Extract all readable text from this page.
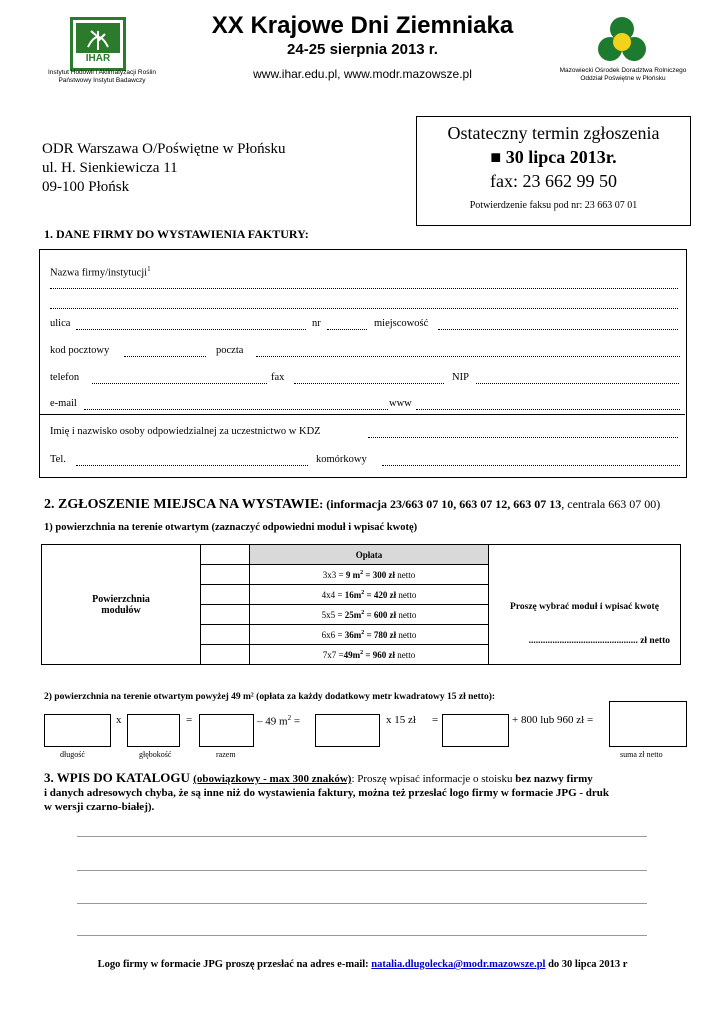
IHAR
Instytut Hodowli i Aklimatyzacji Roślin
Państwowy Instytut Badawczy
XX Krajowe Dni Ziemniaka
24-25 sierpnia 2013 r.
www.ihar.edu.pl, www.modr.mazowsze.pl	Mazowiecki Ośrodek Doradztwa Rolniczego
Oddział Poświętne w Płońsku
ODR Warszawa O/Poświętne w Płońsku
ul. H. Sienkiewicza 11
09-100 Płońsk
Ostateczny termin zgłoszenia
■ 30 lipca 2013r.
fax: 23 662 99 50
Potwierdzenie faksu pod nr: 23 663 07 01
1. DANE FIRMY DO WYSTAWIENIA FAKTURY:
Nazwa firmy/instytucji$^1$
ulica	nr	miejscowość
kod pocztowy	poczta
telefon	fax	NIP
e-mail	www
Imię i nazwisko osoby odpowiedzialnej za uczestnictwo w KDZ
Tel.	komórkowy
2. ZGŁOSZENIE MIEJSCA NA WYSTAWIE: (informacja 23/663 07 10, 663 07 12, 663 07 13, centrala 663 07 00)
1) powierzchnia na terenie otwartym (zaznaczyć odpowiedni moduł i wpisać kwotę)
Powierzchnia modułów		Opłata	Proszę wybrać moduł i wpisać kwotę
.............................................. zł netto

		3x3 = 9 $m^2 = 300$ zł netto	
		$4x4 = 16m^2 = 420$ zł netto	
		$5x5 = 25m^2 = 600$ zł netto	
		$6x6 = 36m^2 = 780$ zł netto	
		$7x7 =49m^2 = 960$ zł netto	
2) powierzchnia na terenie otwartym powyżej 49 m² (opłata za każdy dodatkowy metr kwadratowy 15 zł netto):
x	=	– 49 $m^2$ =	x 15 zł =	+ 800 lub 960 zł =
długość	głębokość	razem	suma zł netto
3. WPIS DO KATALOGU (obowiązkowy - max 300 znaków): Proszę wpisać informacje o stoisku bez nazwy firmy
i danych adresowych chyba, że są inne niż do wystawienia faktury, można też przesłać logo firmy w formacie JPG - druk
w wersji czarno-białej).
Logo firmy w formacie JPG proszę przesłać na adres e-mail: natalia.dlugolecka@modr.mazowsze.pl do 30 lipca 2013 r
